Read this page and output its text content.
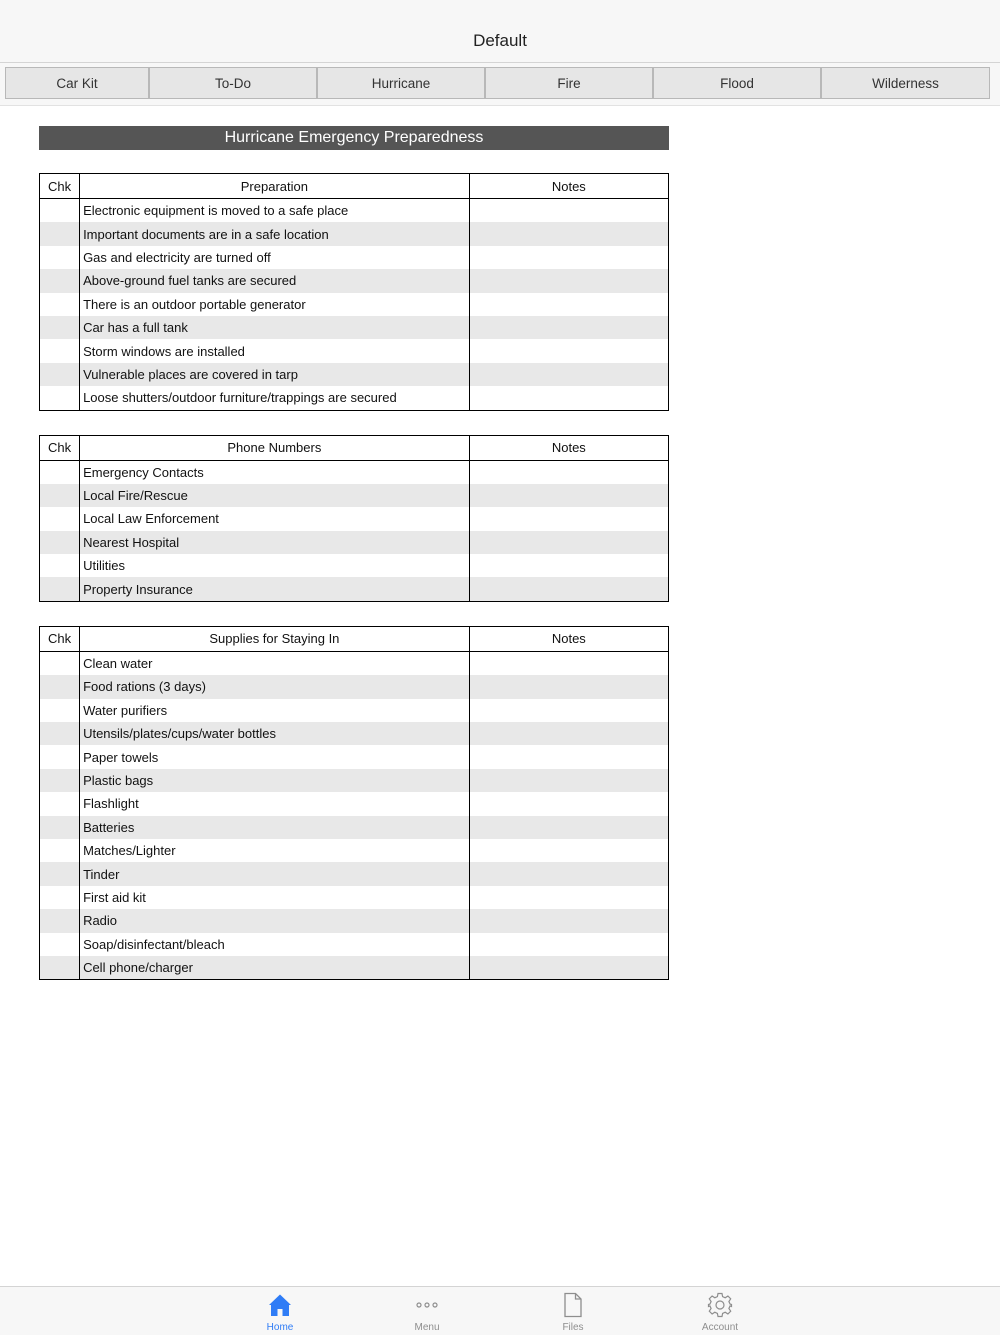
Default
Car Kit	To-Do	Hurricane	Fire	Flood	Wilderness
Hurricane Emergency Preparedness
Chk	Preparation	Notes
	Electronic equipment is moved to a safe place	
	Important documents are in a safe location	
	Gas and electricity are turned off	
	Above-ground fuel tanks are secured	
	There is an outdoor portable generator	
	Car has a full tank	
	Storm windows are installed	
	Vulnerable places are covered in tarp	
	Loose shutters/outdoor furniture/trappings are secured	
Chk	Phone Numbers	Notes
	Emergency Contacts	
	Local Fire/Rescue	
	Local Law Enforcement	
	Nearest Hospital	
	Utilities	
	Property Insurance	
Chk	Supplies for Staying In	Notes
	Clean water	
	Food rations (3 days)	
	Water purifiers	
	Utensils/plates/cups/water bottles	
	Paper towels	
	Plastic bags	
	Flashlight	
	Batteries	
	Matches/Lighter	
	Tinder	
	First aid kit	
	Radio	
	Soap/disinfectant/bleach	
	Cell phone/charger	
Home	Menu	Files	Account
